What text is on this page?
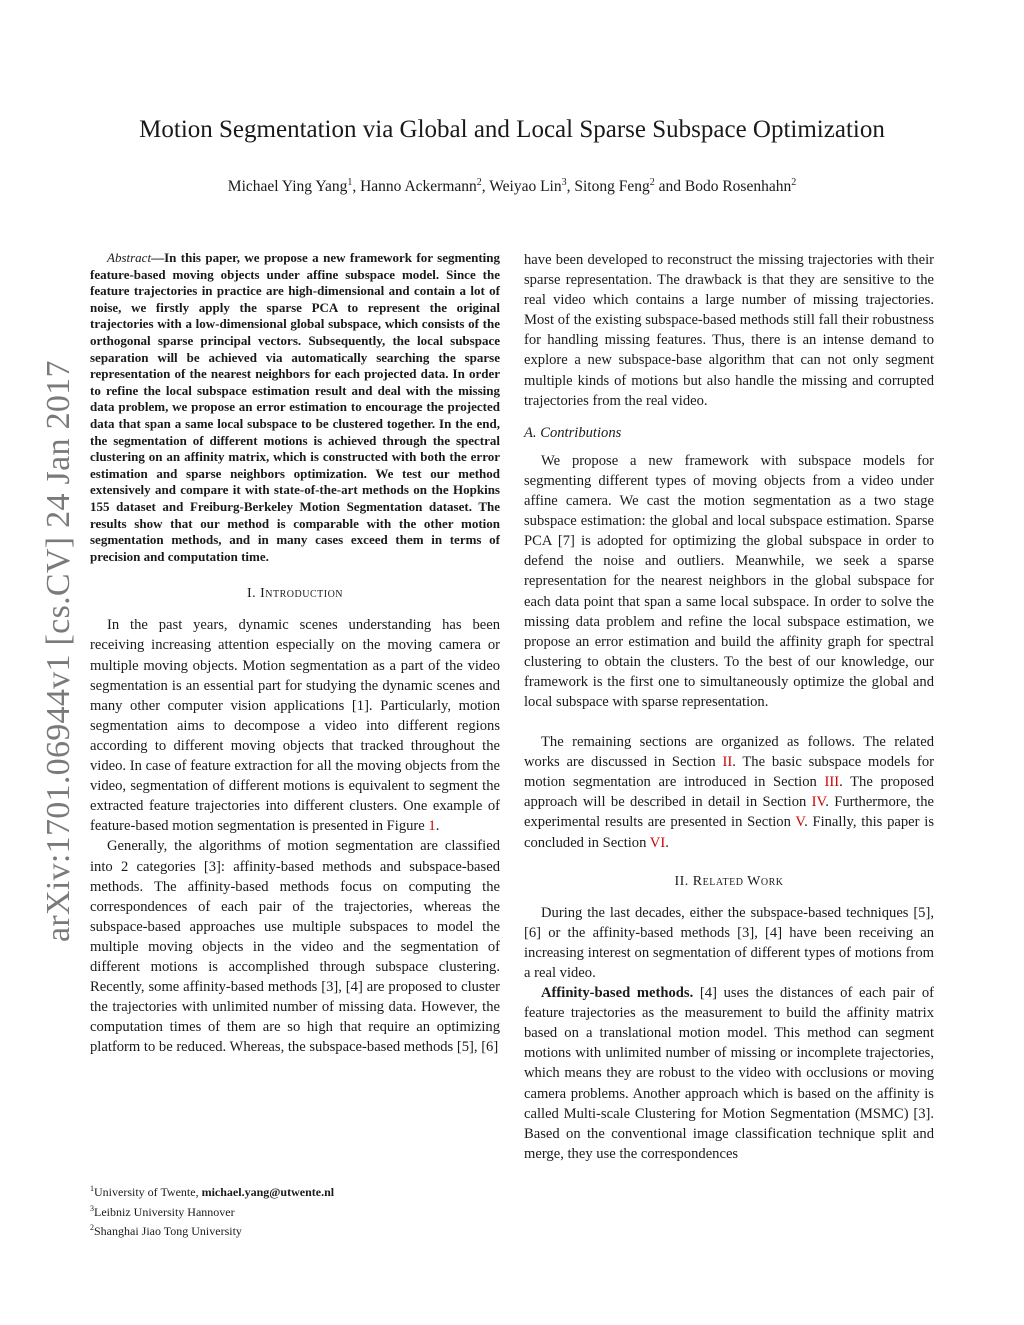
arXiv:1701.06944v1 [cs.CV] 24 Jan 2017
Motion Segmentation via Global and Local Sparse Subspace Optimization
Michael Ying Yang$^1$, Hanno Ackermann$^2$, Weiyao Lin$^3$, Sitong Feng$^2$ and Bodo Rosenhahn$^2$

Abstract—In this paper, we propose a new framework for segmenting feature-based moving objects under affine subspace model. Since the feature trajectories in practice are high-dimensional and contain a lot of noise, we firstly apply the sparse PCA to represent the original trajectories with a low-dimensional global subspace, which consists of the orthogonal sparse principal vectors. Subsequently, the local subspace separation will be achieved via automatically searching the sparse representation of the nearest neighbors for each projected data. In order to refine the local subspace estimation result and deal with the missing data problem, we propose an error estimation to encourage the projected data that span a same local subspace to be clustered together. In the end, the segmentation of different motions is achieved through the spectral clustering on an affinity matrix, which is constructed with both the error estimation and sparse neighbors optimization. We test our method extensively and compare it with state-of-the-art methods on the Hopkins 155 dataset and Freiburg-Berkeley Motion Segmentation dataset. The results show that our method is comparable with the other motion segmentation methods, and in many cases exceed them in terms of precision and computation time.

I. Introduction

In the past years, dynamic scenes understanding has been receiving increasing attention especially on the moving camera or multiple moving objects. Motion segmentation as a part of the video segmentation is an essential part for studying the dynamic scenes and many other computer vision applications [1]. Particularly, motion segmentation aims to decompose a video into different regions according to different moving objects that tracked throughout the video. In case of feature extraction for all the moving objects from the video, segmentation of different motions is equivalent to segment the extracted feature trajectories into different clusters. One example of feature-based motion segmentation is presented in Figure 1.

Generally, the algorithms of motion segmentation are classified into 2 categories [3]: affinity-based methods and subspace-based methods. The affinity-based methods focus on computing the correspondences of each pair of the trajectories, whereas the subspace-based approaches use multiple subspaces to model the multiple moving objects in the video and the segmentation of different motions is accomplished through subspace clustering. Recently, some affinity-based methods [3], [4] are proposed to cluster the trajectories with unlimited number of missing data. However, the computation times of them are so high that require an optimizing platform to be reduced. Whereas, the subspace-based methods [5], [6]

have been developed to reconstruct the missing trajectories with their sparse representation. The drawback is that they are sensitive to the real video which contains a large number of missing trajectories. Most of the existing subspace-based methods still fall their robustness for handling missing features. Thus, there is an intense demand to explore a new subspace-base algorithm that can not only segment multiple kinds of motions but also handle the missing and corrupted trajectories from the real video.

A. Contributions

We propose a new framework with subspace models for segmenting different types of moving objects from a video under affine camera. We cast the motion segmentation as a two stage subspace estimation: the global and local subspace estimation. Sparse PCA [7] is adopted for optimizing the global subspace in order to defend the noise and outliers. Meanwhile, we seek a sparse representation for the nearest neighbors in the global subspace for each data point that span a same local subspace. In order to solve the missing data problem and refine the local subspace estimation, we propose an error estimation and build the affinity graph for spectral clustering to obtain the clusters. To the best of our knowledge, our framework is the first one to simultaneously optimize the global and local subspace with sparse representation.

The remaining sections are organized as follows. The related works are discussed in Section II. The basic subspace models for motion segmentation are introduced in Section III. The proposed approach will be described in detail in Section IV. Furthermore, the experimental results are presented in Section V. Finally, this paper is concluded in Section VI.

II. Related Work

During the last decades, either the subspace-based techniques [5], [6] or the affinity-based methods [3], [4] have been receiving an increasing interest on segmentation of different types of motions from a real video.

Affinity-based methods. [4] uses the distances of each pair of feature trajectories as the measurement to build the affinity matrix based on a translational motion model. This method can segment motions with unlimited number of missing or incomplete trajectories, which means they are robust to the video with occlusions or moving camera problems. Another approach which is based on the affinity is called Multi-scale Clustering for Motion Segmentation (MSMC) [3]. Based on the conventional image classification technique split and merge, they use the correspondences

$^1$University of Twente, michael.yang@utwente.nl
$^3$Leibniz University Hannover
$^2$Shanghai Jiao Tong University
